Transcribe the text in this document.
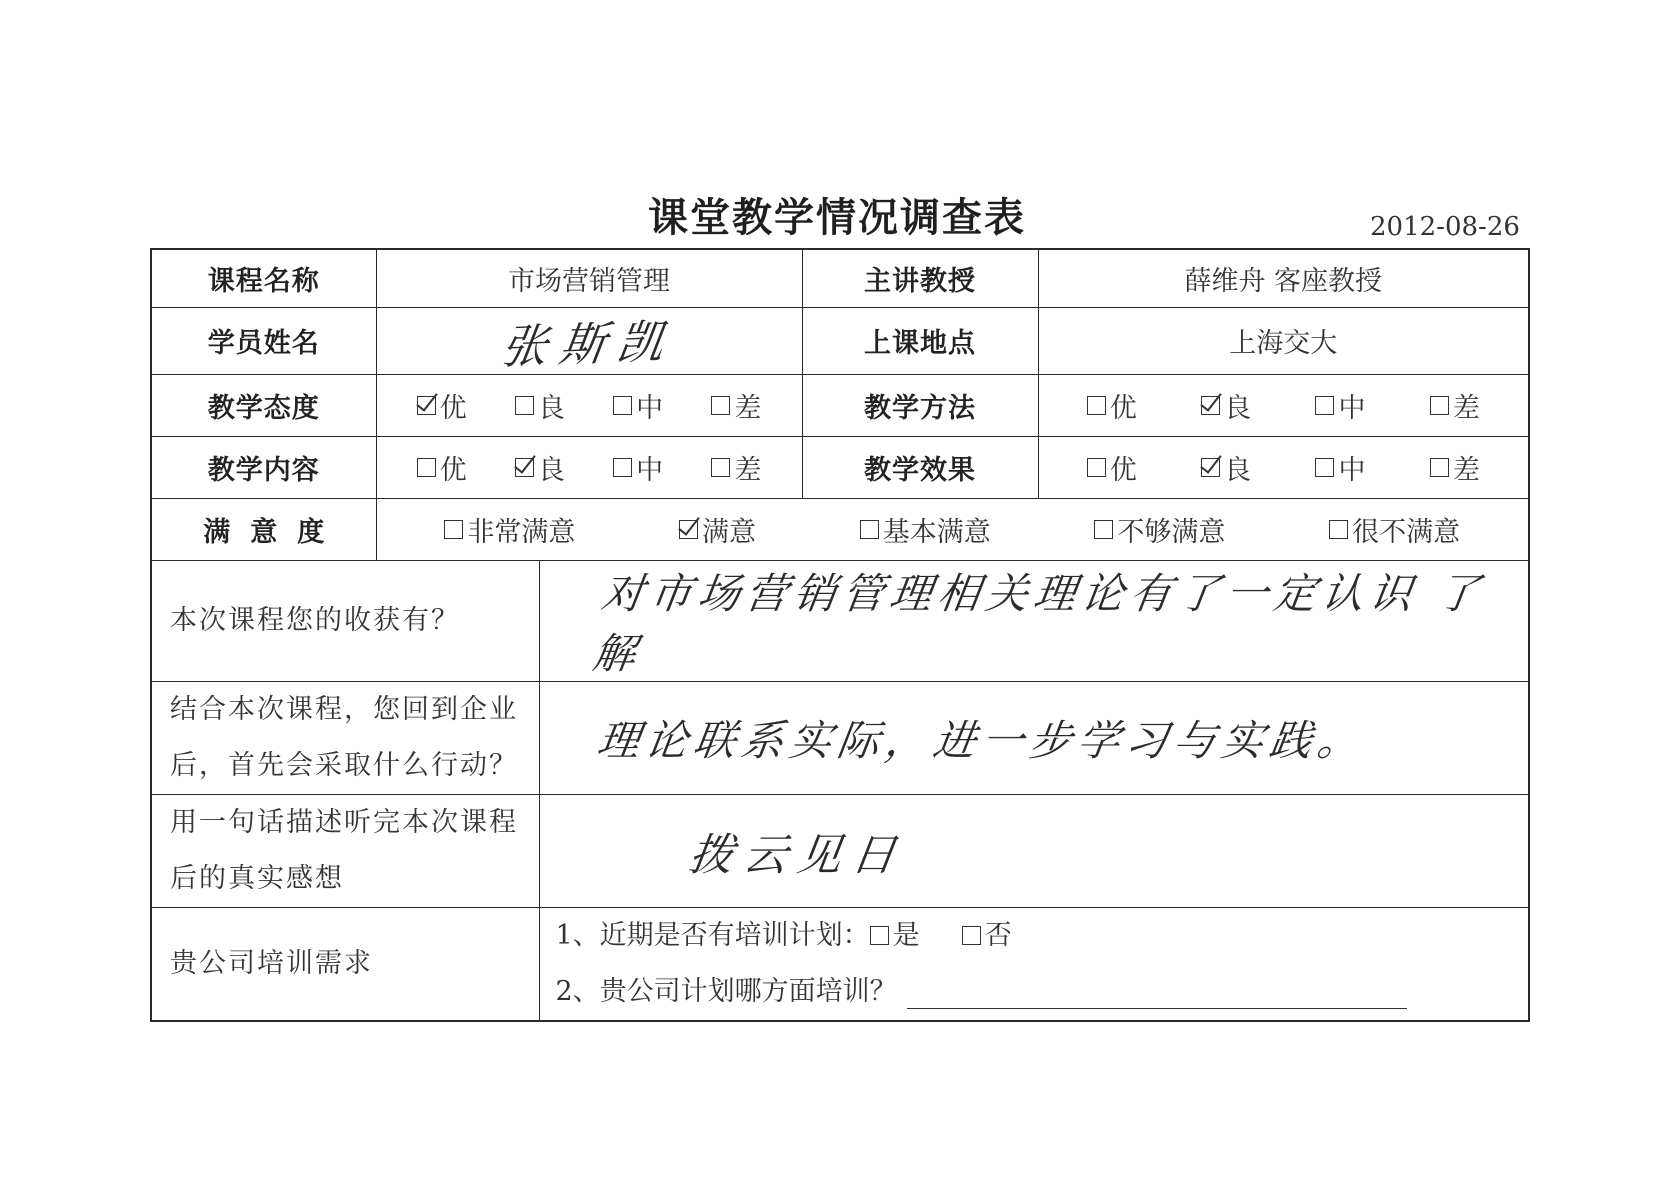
课堂教学情况调查表	2012-08-26
课程名称	市场营销管理		主讲教授	薛维舟 客座教授
学员姓名	张斯凯		上课地点	上海交大
教学态度	优 良 中 差		教学方法	优 良 中 差

教学内容	优 良 中 差		教学效果	优 良 中 差

满意度	非常满意 满意 基本满意 不够满意 很不满意			

本次课程您的收获有？		对市场营销管理相关理论有了一定认识 了解		

结合本次课程，您回到企业
后，首先会采取什么行动？		理论联系实际，进一步学习与实践。		

用一句话描述听完本次课程
后的真实感想		拨云见日		
贵公司培训需求		1、近期是否有培训计划： 是 否
2、贵公司计划哪方面培训？		
